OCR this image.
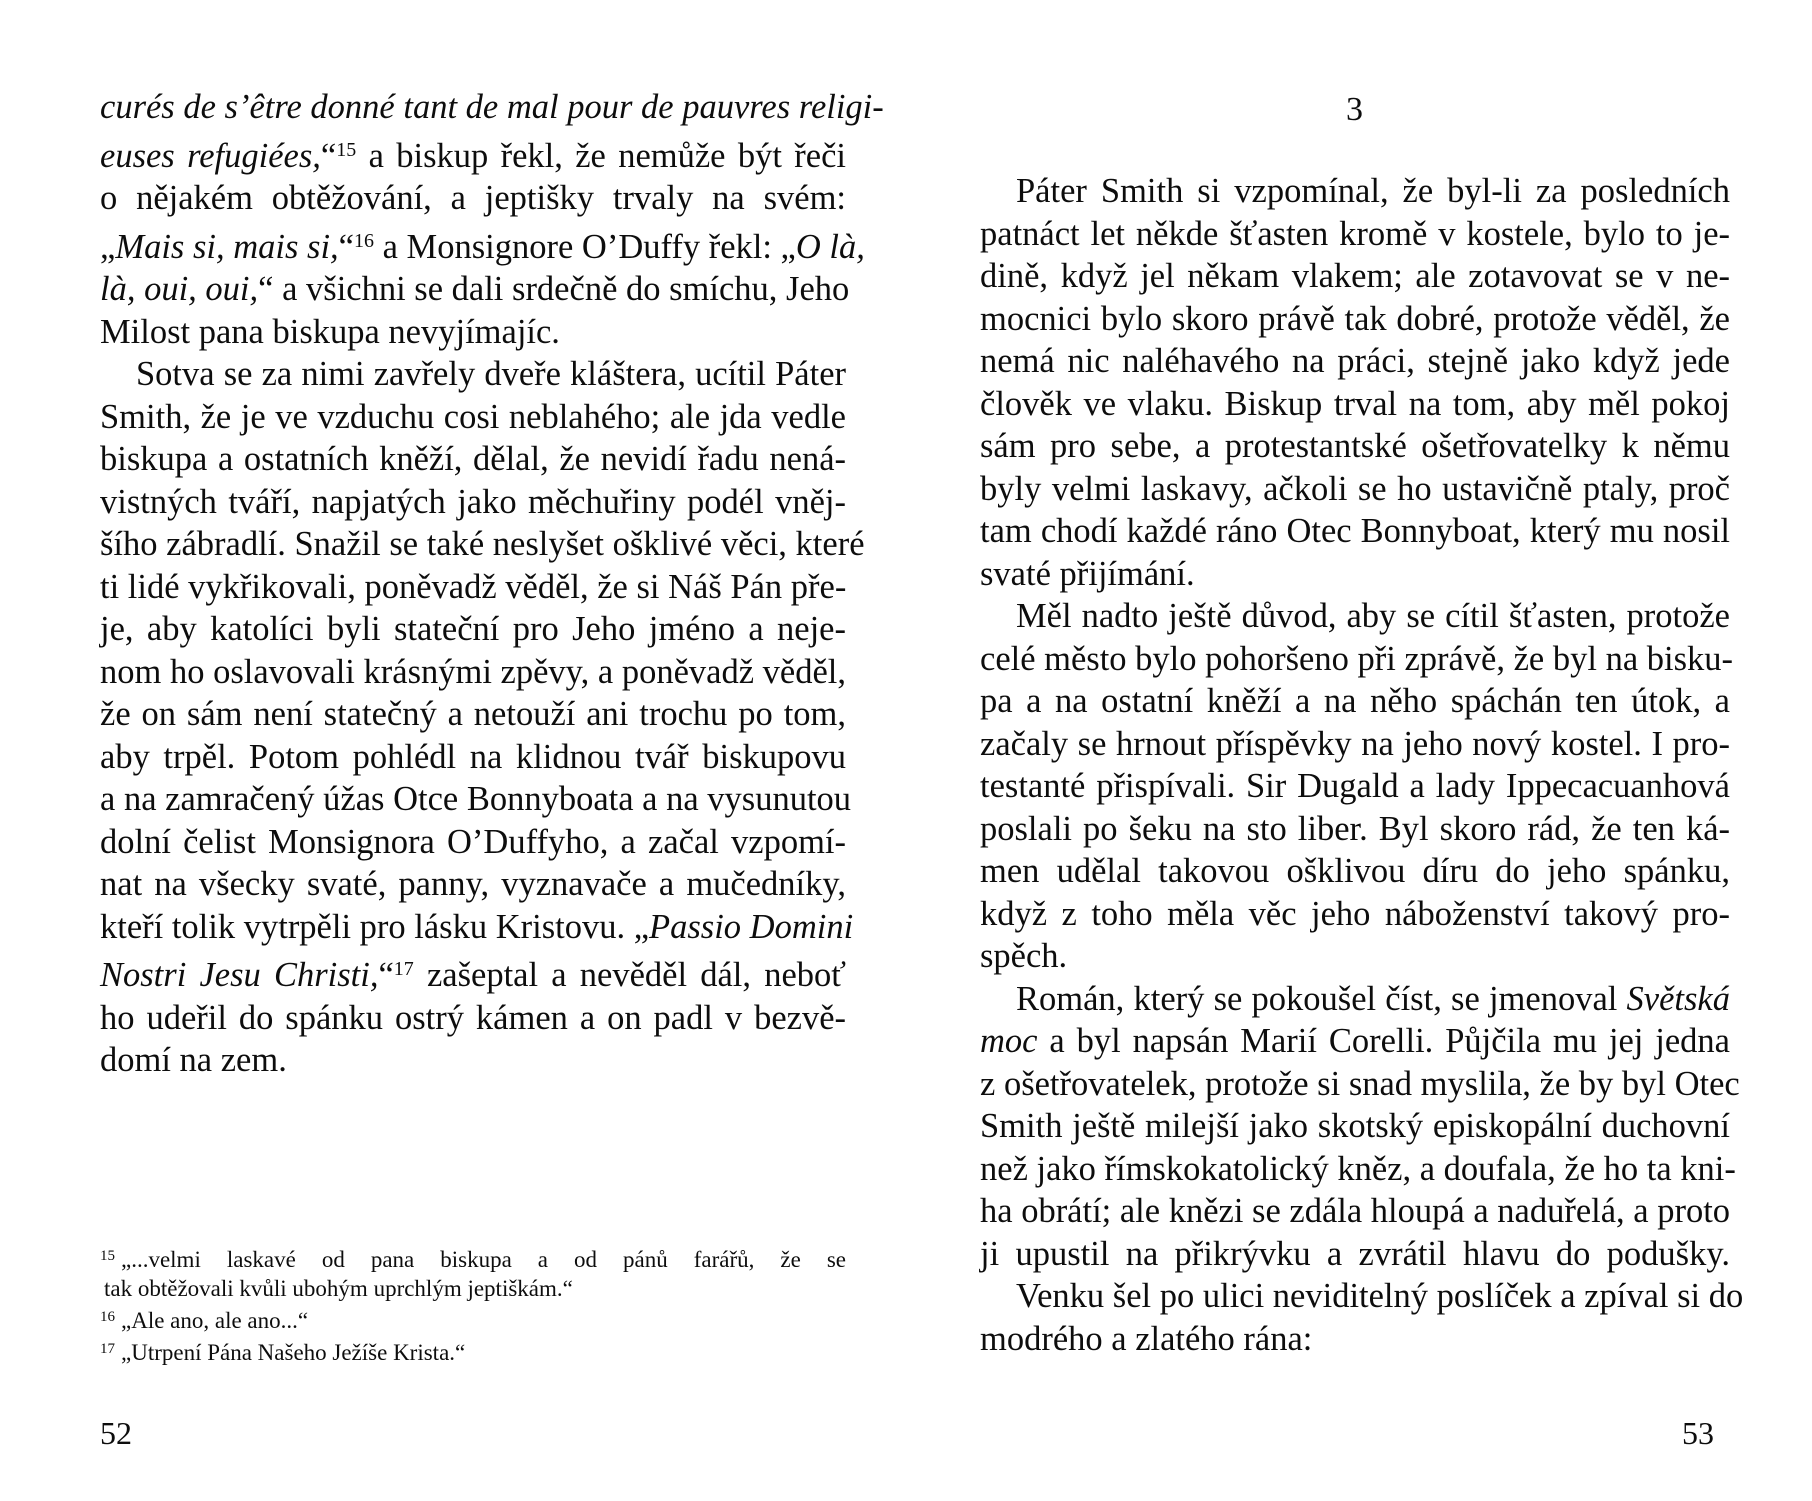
curés de s’être donné tant de mal pour de pauvres religi-
euses refugiées,“$^{15}$ a biskup řekl, že nemůže být řeči
o nějakém obtěžování, a jeptišky trvaly na svém:
„Mais si, mais si,“$^{16}$ a Monsignore O’Duffy řekl: „O là,
là, oui, oui,“ a všichni se dali srdečně do smíchu, Jeho
Milost pana biskupa nevyjímajíc.
Sotva se za nimi zavřely dveře kláštera, ucítil Páter
Smith, že je ve vzduchu cosi neblahého; ale jda vedle
biskupa a ostatních kněží, dělal, že nevidí řadu nená-
vistných tváří, napjatých jako měchuřiny podél vněj-
šího zábradlí. Snažil se také neslyšet ošklivé věci, které
ti lidé vykřikovali, poněvadž věděl, že si Náš Pán pře-
je, aby katolíci byli stateční pro Jeho jméno a neje-
nom ho oslavovali krásnými zpěvy, a poněvadž věděl,
že on sám není statečný a netouží ani trochu po tom,
aby trpěl. Potom pohlédl na klidnou tvář biskupovu
a na zamračený úžas Otce Bonnyboata a na vysunutou
dolní čelist Monsignora O’Duffyho, a začal vzpomí-
nat na všecky svaté, panny, vyznavače a mučedníky,
kteří tolik vytrpěli pro lásku Kristovu. „Passio Domini
Nostri Jesu Christi,“$^{17}$ zašeptal a nevěděl dál, neboť
ho udeřil do spánku ostrý kámen a on padl v bezvě-
domí na zem.
$^{15}$ „...velmi laskavé od pana biskupa a od pánů farářů, že se
tak obtěžovali kvůli ubohým uprchlým jeptiškám.“
$^{16}$ „Ale ano, ale ano...“
$^{17}$ „Utrpení Pána Našeho Ježíše Krista.“
52
3
Páter Smith si vzpomínal, že byl-li za posledních
patnáct let někde šťasten kromě v kostele, bylo to je-
dině, když jel někam vlakem; ale zotavovat se v ne-
mocnici bylo skoro právě tak dobré, protože věděl, že
nemá nic naléhavého na práci, stejně jako když jede
člověk ve vlaku. Biskup trval na tom, aby měl pokoj
sám pro sebe, a protestantské ošetřovatelky k němu
byly velmi laskavy, ačkoli se ho ustavičně ptaly, proč
tam chodí každé ráno Otec Bonnyboat, který mu nosil
svaté přijímání.
Měl nadto ještě důvod, aby se cítil šťasten, protože
celé město bylo pohoršeno při zprávě, že byl na bisku-
pa a na ostatní kněží a na něho spáchán ten útok, a
začaly se hrnout příspěvky na jeho nový kostel. I pro-
testanté přispívali. Sir Dugald a lady Ippecacuanhová
poslali po šeku na sto liber. Byl skoro rád, že ten ká-
men udělal takovou ošklivou díru do jeho spánku,
když z toho měla věc jeho náboženství takový pro-
spěch.
Román, který se pokoušel číst, se jmenoval Světská
moc a byl napsán Marií Corelli. Půjčila mu jej jedna
z ošetřovatelek, protože si snad myslila, že by byl Otec
Smith ještě milejší jako skotský episkopální duchovní
než jako římskokatolický kněz, a doufala, že ho ta kni-
ha obrátí; ale knězi se zdála hloupá a naduřelá, a proto
ji upustil na přikrývku a zvrátil hlavu do podušky.
Venku šel po ulici neviditelný poslíček a zpíval si do
modrého a zlatého rána:
53
